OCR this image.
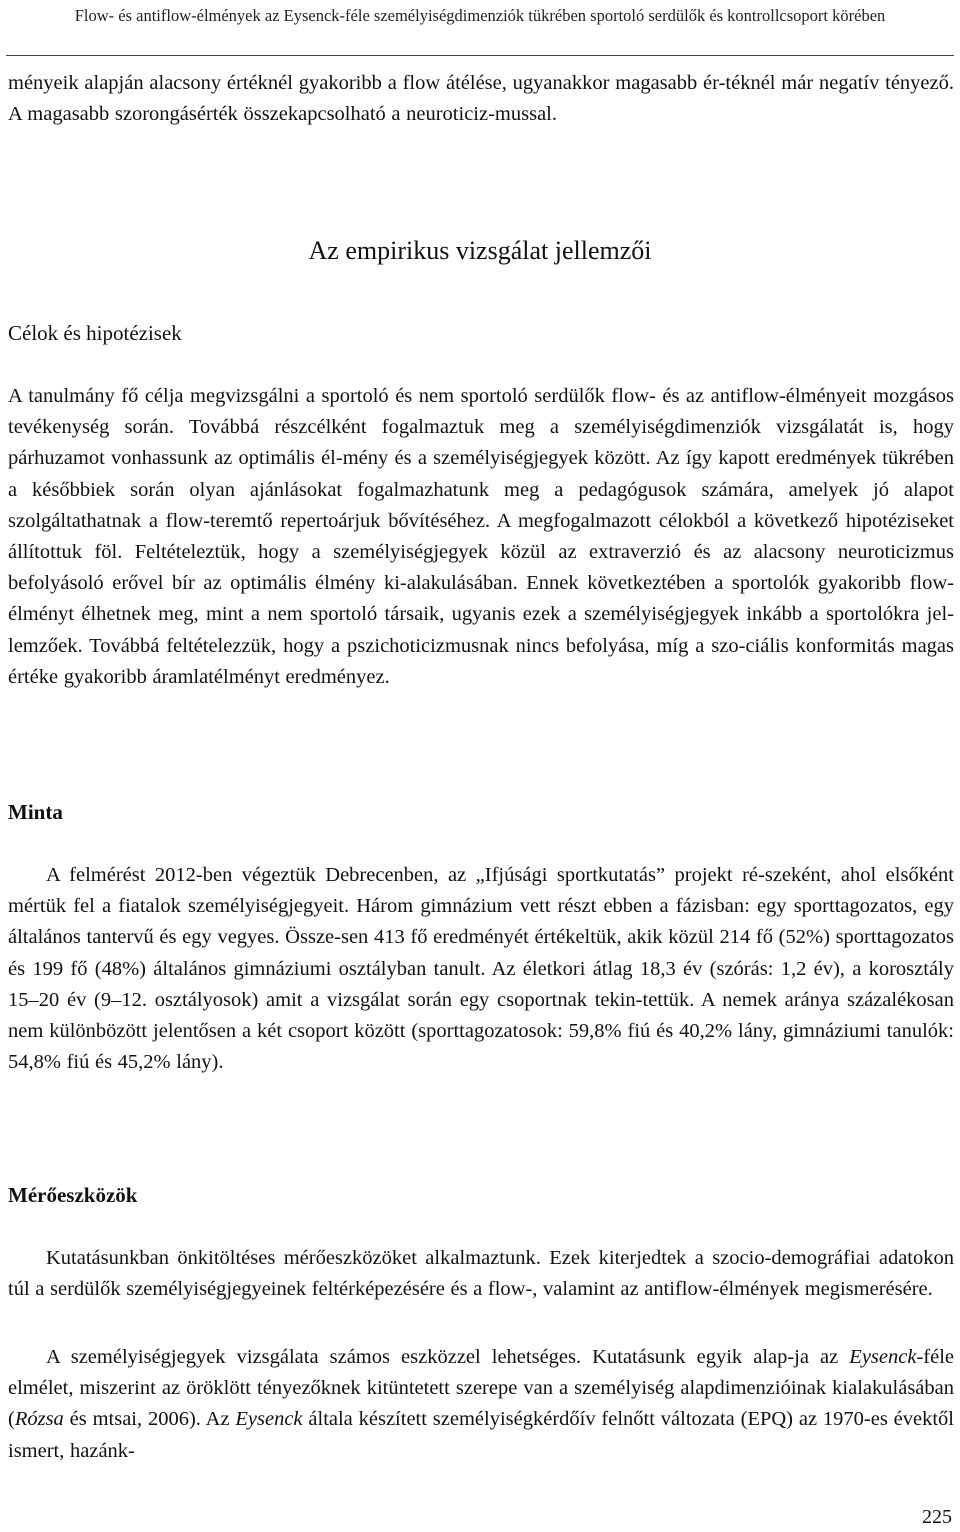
Flow- és antiflow-élmények az Eysenck-féle személyiségdimenziók tükrében sportoló serdülők és kontrollcsoport körében

ményeik alapján alacsony értéknél gyakoribb a flow átélése, ugyanakkor magasabb ér-téknél már negatív tényező. A magasabb szorongásérték összekapcsolható a neuroticiz-mussal.

Az empirikus vizsgálat jellemzői
Célok és hipotézisek

A tanulmány fő célja megvizsgálni a sportoló és nem sportoló serdülők flow- és az antiflow-élményeit mozgásos tevékenység során. Továbbá részcélként fogalmaztuk meg a személyiségdimenziók vizsgálatát is, hogy párhuzamot vonhassunk az optimális él-mény és a személyiségjegyek között. Az így kapott eredmények tükrében a későbbiek során olyan ajánlásokat fogalmazhatunk meg a pedagógusok számára, amelyek jó alapot szolgáltathatnak a flow-teremtő repertoárjuk bővítéséhez. A megfogalmazott célokból a következő hipotéziseket állítottuk föl. Feltételeztük, hogy a személyiségjegyek közül az extraverzió és az alacsony neuroticizmus befolyásoló erővel bír az optimális élmény ki-alakulásában. Ennek következtében a sportolók gyakoribb flow-élményt élhetnek meg, mint a nem sportoló társaik, ugyanis ezek a személyiségjegyek inkább a sportolókra jel-lemzőek. Továbbá feltételezzük, hogy a pszichoticizmusnak nincs befolyása, míg a szo-ciális konformitás magas értéke gyakoribb áramlatélményt eredményez.

Minta

A felmérést 2012-ben végeztük Debrecenben, az „Ifjúsági sportkutatás” projekt ré-szeként, ahol elsőként mértük fel a fiatalok személyiségjegyeit. Három gimnázium vett részt ebben a fázisban: egy sporttagozatos, egy általános tantervű és egy vegyes. Össze-sen 413 fő eredményét értékeltük, akik közül 214 fő (52%) sporttagozatos és 199 fő (48%) általános gimnáziumi osztályban tanult. Az életkori átlag 18,3 év (szórás: 1,2 év), a korosztály 15–20 év (9–12. osztályosok) amit a vizsgálat során egy csoportnak tekin-tettük. A nemek aránya százalékosan nem különbözött jelentősen a két csoport között (sporttagozatosok: 59,8% fiú és 40,2% lány, gimnáziumi tanulók: 54,8% fiú és 45,2% lány).

Mérőeszközök

Kutatásunkban önkitöltéses mérőeszközöket alkalmaztunk. Ezek kiterjedtek a szocio-demográfiai adatokon túl a serdülők személyiségjegyeinek feltérképezésére és a flow-, valamint az antiflow-élmények megismerésére.

A személyiségjegyek vizsgálata számos eszközzel lehetséges. Kutatásunk egyik alap-ja az Eysenck-féle elmélet, miszerint az öröklött tényezőknek kitüntetett szerepe van a személyiség alapdimenzióinak kialakulásában (Rózsa és mtsai, 2006). Az Eysenck általa készített személyiségkérdőív felnőtt változata (EPQ) az 1970-es évektől ismert, hazánk-

225
